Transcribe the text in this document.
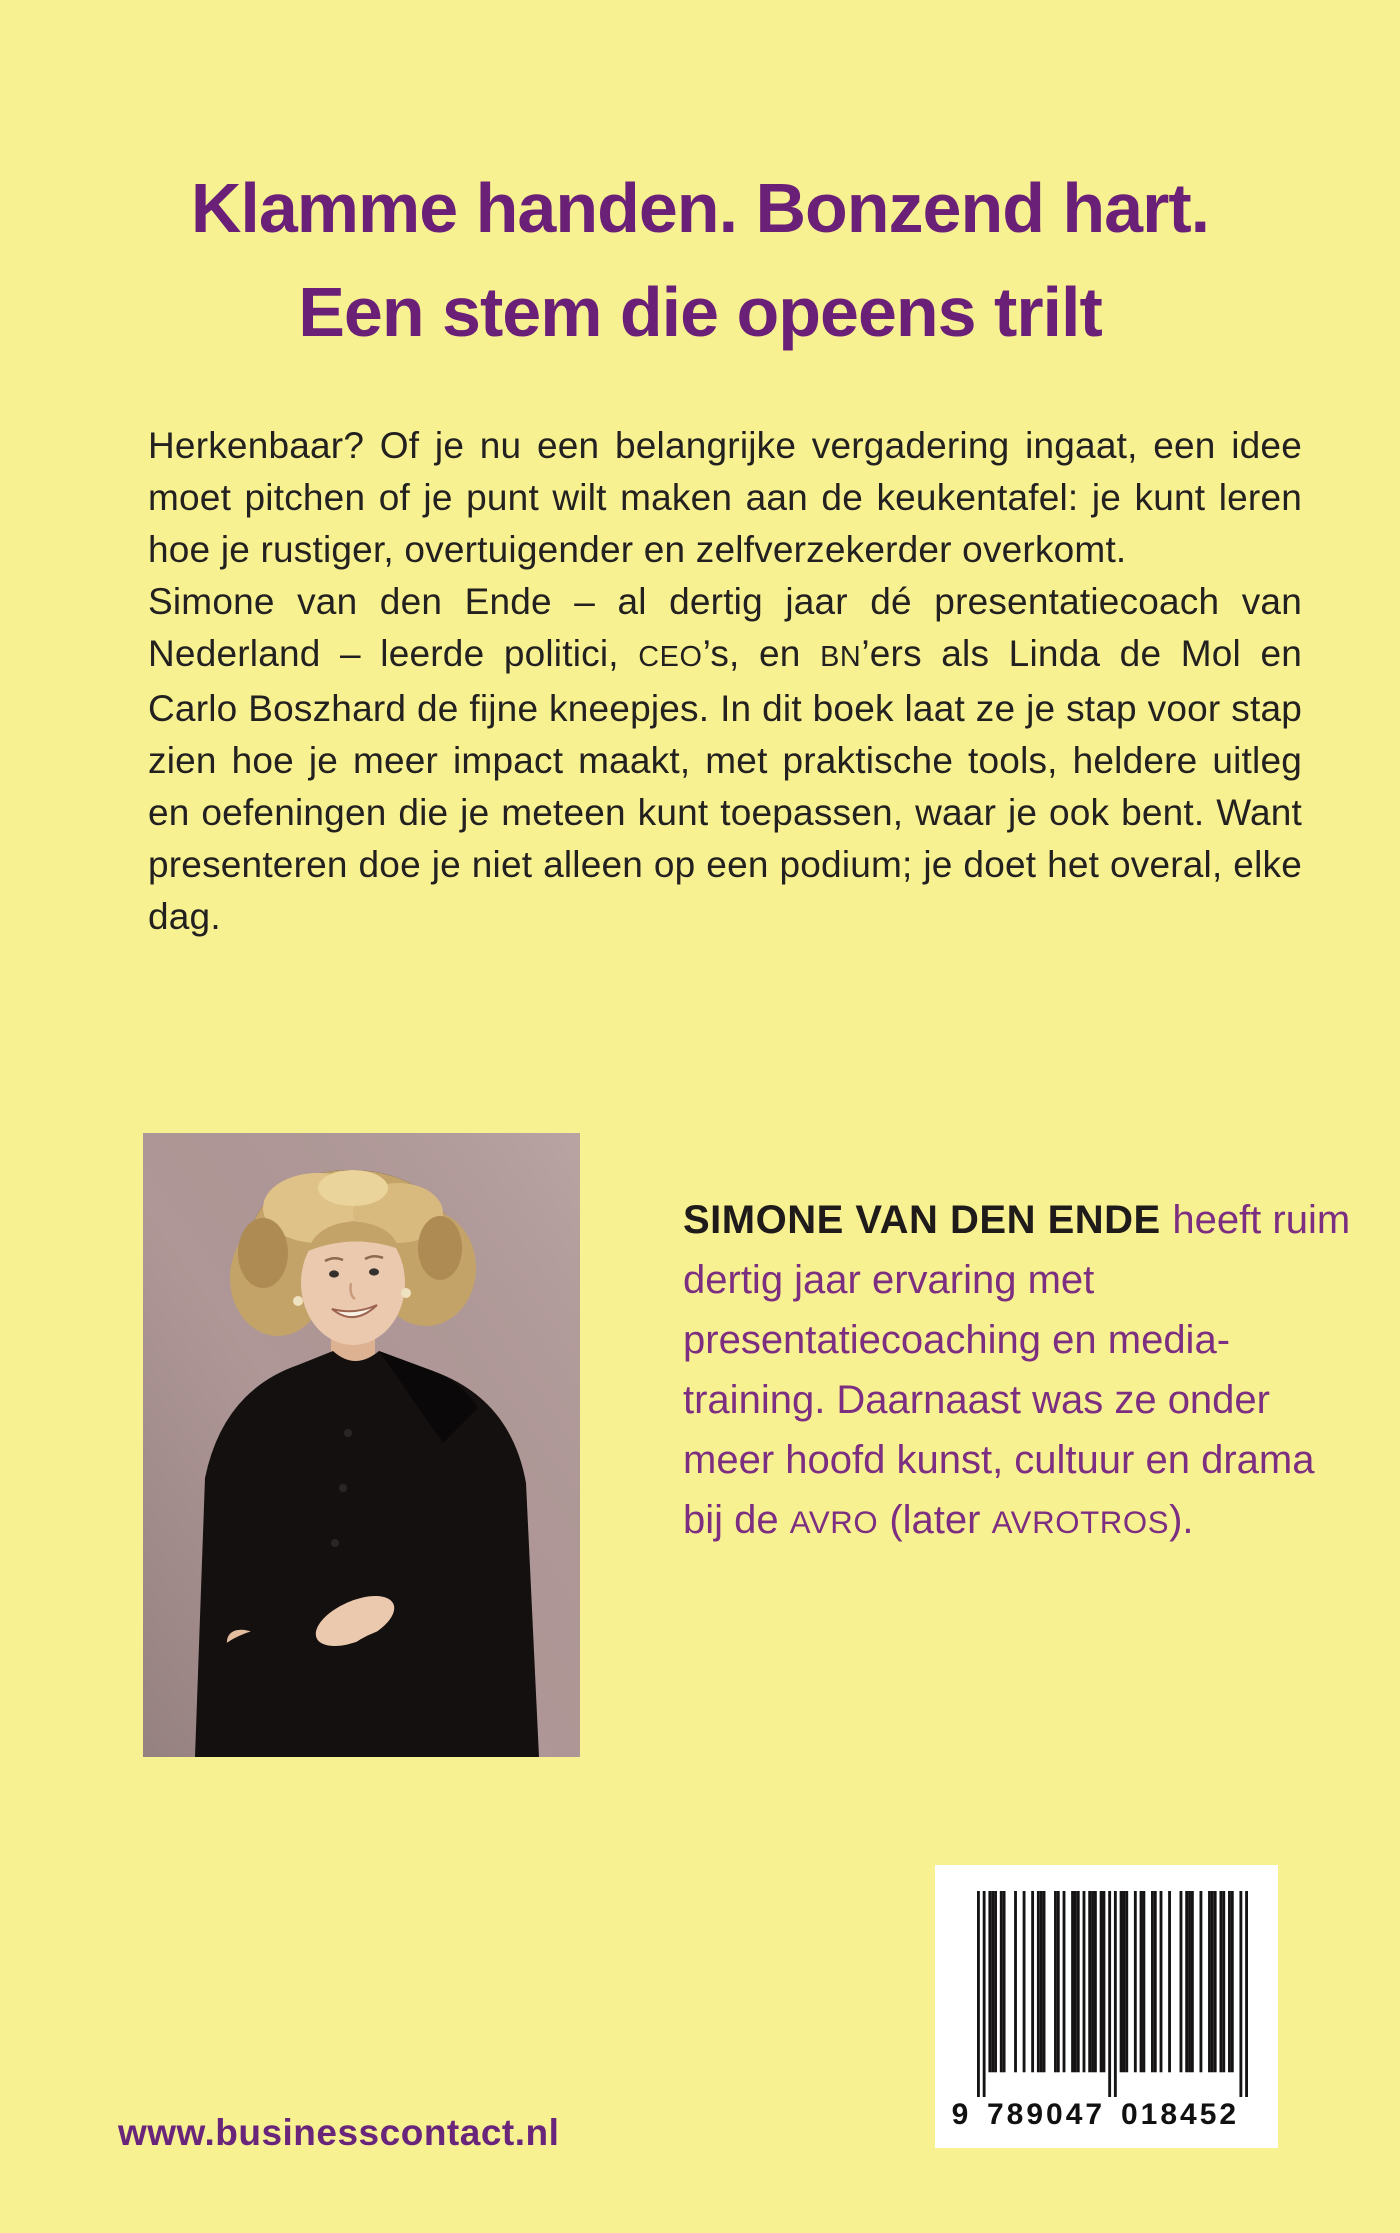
Klamme handen. Bonzend hart.
Een stem die opeens trilt

Herkenbaar? Of je nu een belangrijke vergadering ingaat, een idee moet pitchen of je punt wilt maken aan de keukentafel: je kunt leren hoe je rustiger, overtuigender en zelfverzekerder overkomt.

Simone van den Ende – al dertig jaar dé presentatiecoach van Nederland – leerde politici, CEO’s, en BN’ers als Linda de Mol en Carlo Boszhard de fijne kneepjes. In dit boek laat ze je stap voor stap zien hoe je meer impact maakt, met praktische tools, heldere uitleg en oefeningen die je meteen kunt toepassen, waar je ook bent. Want presenteren doe je niet alleen op een podium; je doet het overal, elke dag.

SIMONE VAN DEN ENDE heeft ruim dertig jaar ervaring met presentatiecoaching en media-training. Daarnaast was ze onder meer hoofd kunst, cultuur en drama bij de AVRO (later AVROTROS).

9 789047 018452
www.businesscontact.nl
